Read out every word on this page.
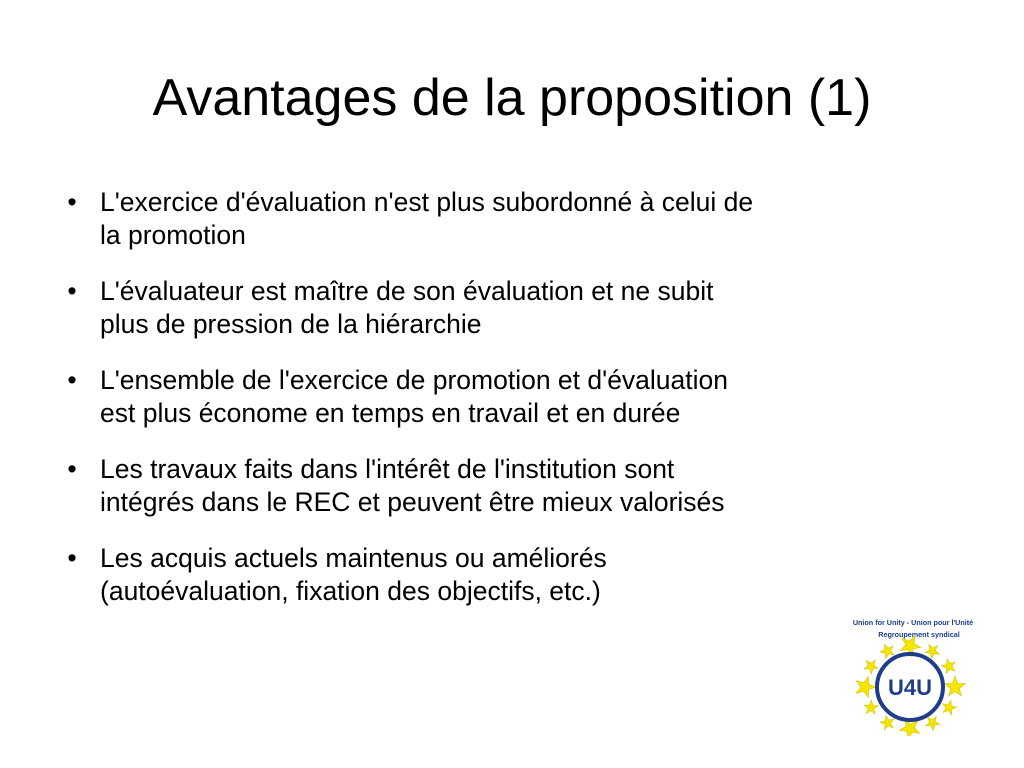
Avantages de la proposition (1)
• L'exercice d'évaluation n'est plus subordonné à celui de
la promotion
• L'évaluateur est maître de son évaluation et ne subit
plus de pression de la hiérarchie
• L'ensemble de l'exercice de promotion et d'évaluation
est plus économe en temps en travail et en durée
• Les travaux faits dans l'intérêt de l'institution sont
intégrés dans le REC et peuvent être mieux valorisés
• Les acquis actuels maintenus ou améliorés
(autoévaluation, fixation des objectifs, etc.)
Union for Unity - Union pour l'Unité
Regroupement syndical
U4U
